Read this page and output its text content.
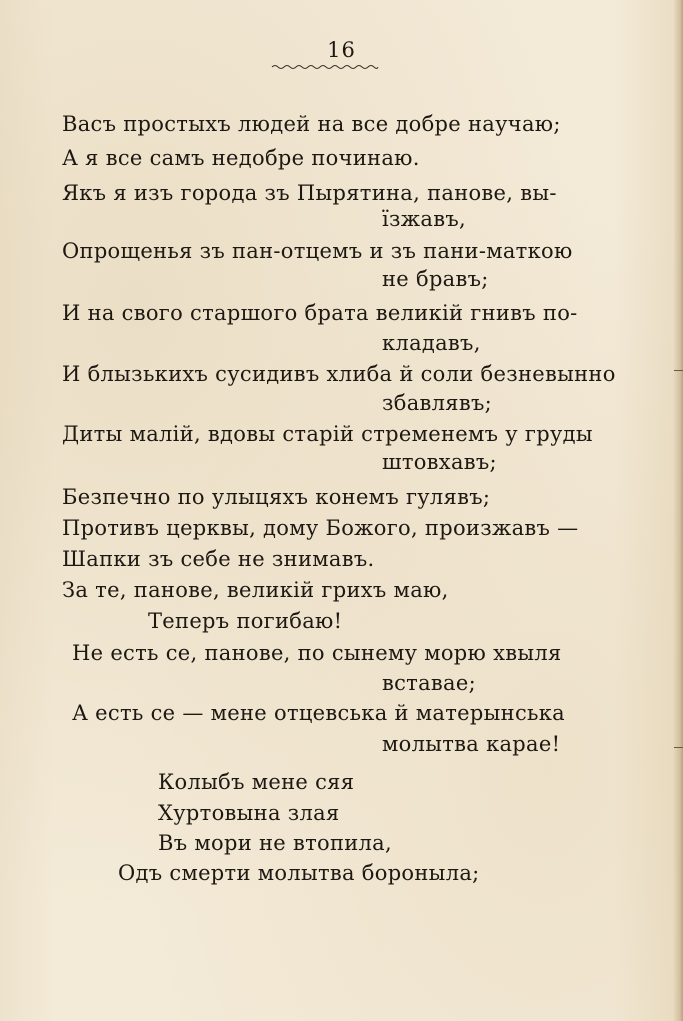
16
Васъ простыхъ людей на все добре научаю;
А я все самъ недобре починаю.
Якъ я изъ города зъ Пырятина, панове, вы-
ïзжавъ,
Опрощенья зъ пан-отцемъ и зъ пани-маткою
не бравъ;
И на свого старшого брата великій гнивъ по-
кладавъ,
И блызькихъ сусидивъ хлиба й соли безневынно
збавлявъ;
Диты малій, вдовы старій стременемъ у груды
штовхавъ;
Безпечно по улыцяхъ конемъ гулявъ;
Противъ церквы, дому Божого, произжавъ —
Шапки зъ себе не знимавъ.
За те, панове, великій грихъ маю,
Теперъ погибаю!
Не есть се, панове, по сынему морю хвыля
вставае;
А есть се — мене отцевська й матерынська
молытва карае!
Колыбъ мене сяя
Хуртовына злая
Въ мори не втопила,
Одъ смерти молытва бороныла;
